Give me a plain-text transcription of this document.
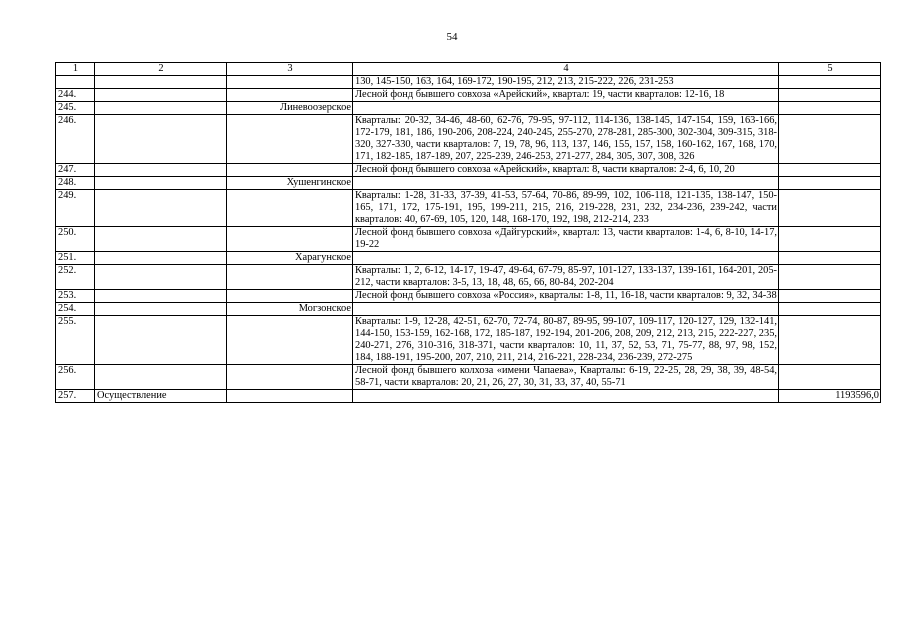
54
1	2	3	4	5
			130, 145-150, 163, 164, 169-172, 190-195, 212, 213, 215-222, 226, 231-253	
244.			Лесной фонд бывшего совхоза «Арейский», квартал: 19, части кварталов: 12-16, 18	
245.		Линевоозерское		
246.			Кварталы: 20-32, 34-46, 48-60, 62-76, 79-95, 97-112, 114-136, 138-145, 147-154, 159, 163-166, 172-179, 181, 186, 190-206, 208-224, 240-245, 255-270, 278-281, 285-300, 302-304, 309-315, 318-320, 327-330, части кварталов: 7, 19, 78, 96, 113, 137, 146, 155, 157, 158, 160-162, 167, 168, 170, 171, 182-185, 187-189, 207, 225-239, 246-253, 271-277, 284, 305, 307, 308, 326	
247.			Лесной фонд бывшего совхоза «Арейский», квартал: 8, части кварталов: 2-4, 6, 10, 20	
248.		Хушенгинское		
249.			Кварталы: 1-28, 31-33, 37-39, 41-53, 57-64, 70-86, 89-99, 102, 106-118, 121-135, 138-147, 150-165, 171, 172, 175-191, 195, 199-211, 215, 216, 219-228, 231, 232, 234-236, 239-242, части кварталов: 40, 67-69, 105, 120, 148, 168-170, 192, 198, 212-214, 233	
250.			Лесной фонд бывшего совхоза «Дайгурский», квартал: 13, части кварталов: 1-4, 6, 8-10, 14-17, 19-22	
251.		Харагунское		
252.			Кварталы: 1, 2, 6-12, 14-17, 19-47, 49-64, 67-79, 85-97, 101-127, 133-137, 139-161, 164-201, 205-212, части кварталов: 3-5, 13, 18, 48, 65, 66, 80-84, 202-204	
253.			Лесной фонд бывшего совхоза «Россия», кварталы: 1-8, 11, 16-18, части кварталов: 9, 32, 34-38	
254.		Могзонское		
255.			Кварталы: 1-9, 12-28, 42-51, 62-70, 72-74, 80-87, 89-95, 99-107, 109-117, 120-127, 129, 132-141, 144-150, 153-159, 162-168, 172, 185-187, 192-194, 201-206, 208, 209, 212, 213, 215, 222-227, 235, 240-271, 276, 310-316, 318-371, части кварталов: 10, 11, 37, 52, 53, 71, 75-77, 88, 97, 98, 152, 184, 188-191, 195-200, 207, 210, 211, 214, 216-221, 228-234, 236-239, 272-275	
256.			Лесной фонд бывшего колхоза «имени Чапаева», Кварталы: 6-19, 22-25, 28, 29, 38, 39, 48-54, 58-71, части кварталов: 20, 21, 26, 27, 30, 31, 33, 37, 40, 55-71	
257.	Осуществление			1193596,0
